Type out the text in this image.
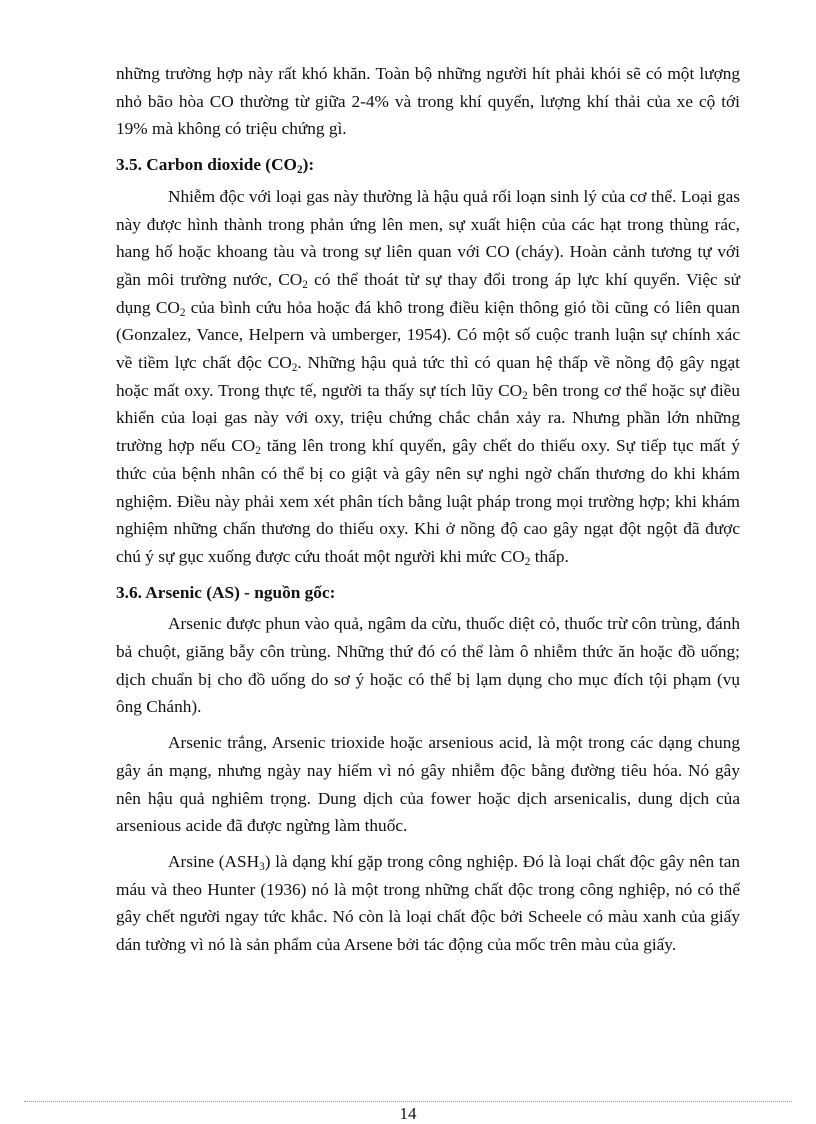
những trường hợp này rất khó khăn. Toàn bộ những người hít phải khói sẽ có một lượng nhỏ bão hòa CO thường từ giữa 2-4% và trong khí quyển, lượng khí thải của xe cộ tới 19% mà không có triệu chứng gì.

3.5. Carbon dioxide $(CO_2)$:

Nhiễm độc với loại gas này thường là hậu quả rối loạn sinh lý của cơ thể. Loại gas này được hình thành trong phản ứng lên men, sự xuất hiện của các hạt trong thùng rác, hang hố hoặc khoang tàu và trong sự liên quan với CO (cháy). Hoàn cảnh tương tự với gần môi trường nước, $CO_2$ có thể thoát từ sự thay đổi trong áp lực khí quyển. Việc sử dụng $CO_2$ của bình cứu hỏa hoặc đá khô trong điều kiện thông gió tồi cũng có liên quan (Gonzalez, Vance, Helpern và umberger, 1954). Có một số cuộc tranh luận sự chính xác về tiềm lực chất độc $CO_2$. Những hậu quả tức thì có quan hệ thấp về nồng độ gây ngạt hoặc mất oxy. Trong thực tế, người ta thấy sự tích lũy $CO_2$ bên trong cơ thể hoặc sự điều khiển của loại gas này với oxy, triệu chứng chắc chắn xảy ra. Nhưng phần lớn những trường hợp nếu $CO_2$ tăng lên trong khí quyển, gây chết do thiếu oxy. Sự tiếp tục mất ý thức của bệnh nhân có thể bị co giật và gây nên sự nghi ngờ chấn thương do khi khám nghiệm. Điều này phải xem xét phân tích bằng luật pháp trong mọi trường hợp; khi khám nghiệm những chấn thương do thiếu oxy. Khi ở nồng độ cao gây ngạt đột ngột đã được chú ý sự gục xuống được cứu thoát một người khi mức $CO_2$ thấp.

3.6. Arsenic (AS) - nguồn gốc:

Arsenic được phun vào quả, ngâm da cừu, thuốc diệt cỏ, thuốc trừ côn trùng, đánh bả chuột, giăng bẫy côn trùng. Những thứ đó có thể làm ô nhiễm thức ăn hoặc đồ uống; dịch chuẩn bị cho đồ uống do sơ ý hoặc có thể bị lạm dụng cho mục đích tội phạm (vụ ông Chánh).

Arsenic trắng, Arsenic trioxide hoặc arsenious acid, là một trong các dạng chung gây án mạng, nhưng ngày nay hiếm vì nó gây nhiễm độc bằng đường tiêu hóa. Nó gây nên hậu quả nghiêm trọng. Dung dịch của fower hoặc dịch arsenicalis, dung dịch của arsenious acide đã được ngừng làm thuốc.

Arsine $(ASH_3)$ là dạng khí gặp trong công nghiệp. Đó là loại chất độc gây nên tan máu và theo Hunter (1936) nó là một trong những chất độc trong công nghiệp, nó có thể gây chết người ngay tức khắc. Nó còn là loại chất độc bởi Scheele có màu xanh của giấy dán tường vì nó là sản phẩm của Arsene bởi tác động của mốc trên màu của giấy.

14
